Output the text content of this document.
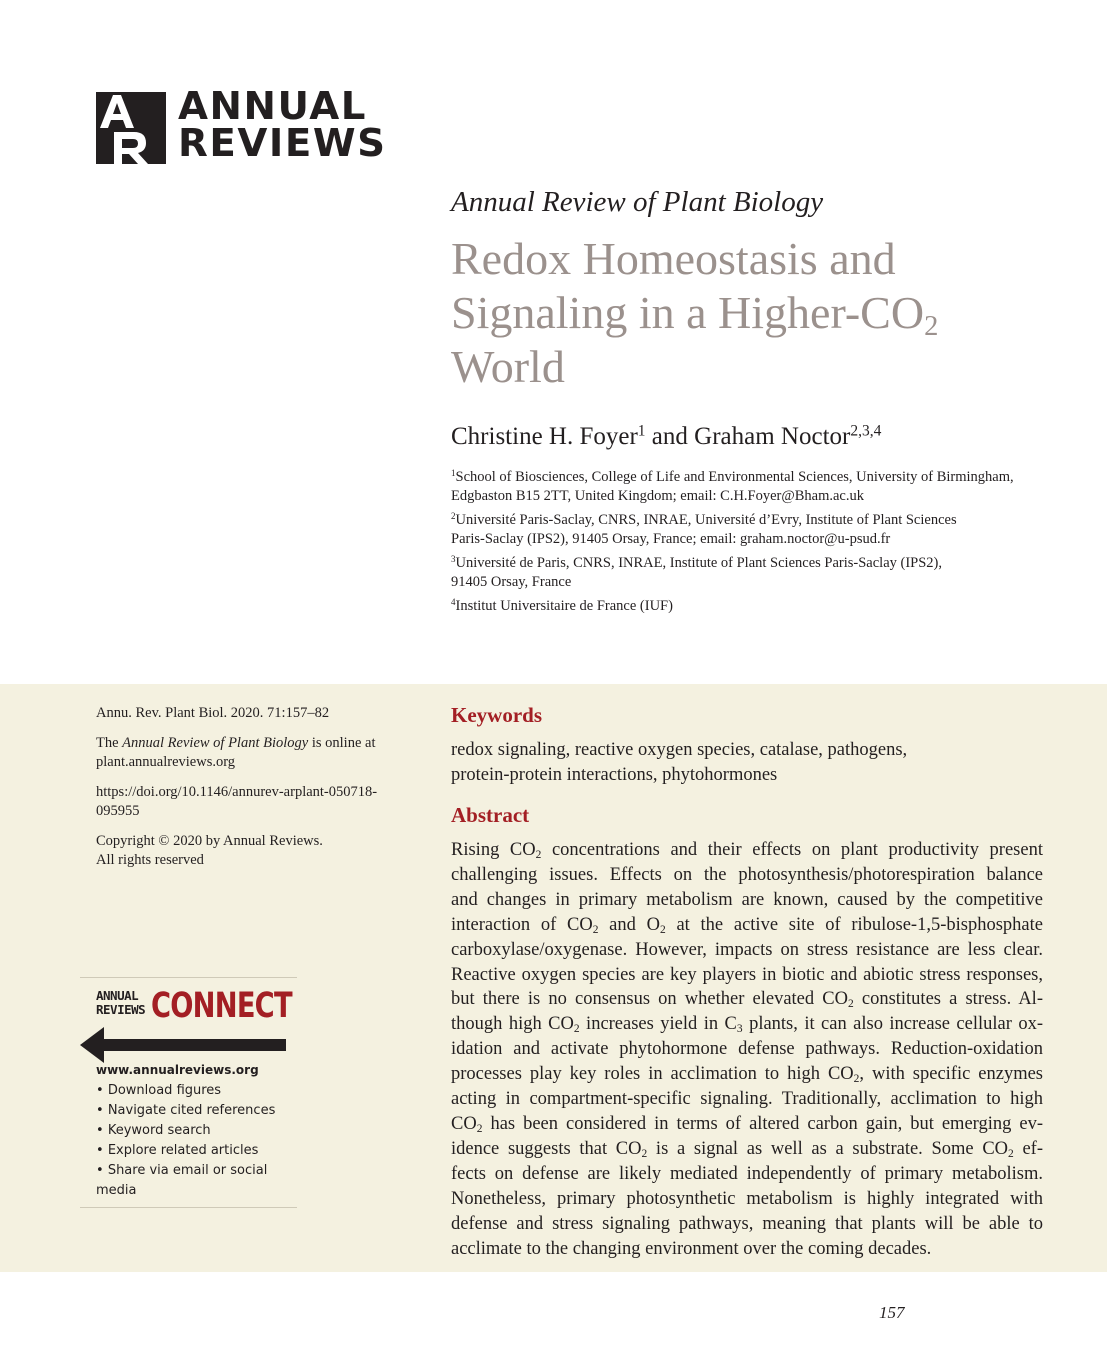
ANNUAL
REVIEWS
Annual Review of Plant Biology
Redox Homeostasis and
Signaling in a Higher-$CO_2$
World
Christine H. Foyer$^1$ and Graham Noctor$^{2,3,4}$
$^1$School of Biosciences, College of Life and Environmental Sciences, University of Birmingham,
Edgbaston B15 2TT, United Kingdom; email: C.H.Foyer@Bham.ac.uk
$^2$Université Paris-Saclay, CNRS, INRAE, Université d’Evry, Institute of Plant Sciences
Paris-Saclay (IPS2), 91405 Orsay, France; email: graham.noctor@u-psud.fr
$^3$Université de Paris, CNRS, INRAE, Institute of Plant Sciences Paris-Saclay (IPS2),
91405 Orsay, France
$^4$Institut Universitaire de France (IUF)

Annu. Rev. Plant Biol. 2020. 71:157–82

The Annual Review of Plant Biology is online at
plant.annualreviews.org

https://doi.org/10.1146/annurev-arplant-050718-
095955

Copyright © 2020 by Annual Reviews.
All rights reserved

ANNUAL
REVIEWS CONNECT
www.annualreviews.org
• Download figures
• Navigate cited references
• Keyword search
• Explore related articles
• Share via email or social media
Keywords
redox signaling, reactive oxygen species, catalase, pathogens,
protein-protein interactions, phytohormones
Abstract
Rising $CO_2$ concentrations and their effects on plant productivity present
challenging issues. Effects on the photosynthesis/photorespiration balance
and changes in primary metabolism are known, caused by the competitive
interaction of $CO_2$ and $O_2$ at the active site of ribulose-1,5-bisphosphate
carboxylase/oxygenase. However, impacts on stress resistance are less clear.
Reactive oxygen species are key players in biotic and abiotic stress responses,
but there is no consensus on whether elevated $CO_2$ constitutes a stress. Al-
though high $CO_2$ increases yield in $C_3$ plants, it can also increase cellular ox-
idation and activate phytohormone defense pathways. Reduction-oxidation
processes play key roles in acclimation to high $CO_2$, with specific enzymes
acting in compartment-specific signaling. Traditionally, acclimation to high
$CO_2$ has been considered in terms of altered carbon gain, but emerging ev-
idence suggests that $CO_2$ is a signal as well as a substrate. Some $CO_2$ ef-
fects on defense are likely mediated independently of primary metabolism.
Nonetheless, primary photosynthetic metabolism is highly integrated with
defense and stress signaling pathways, meaning that plants will be able to
acclimate to the changing environment over the coming decades.
157
